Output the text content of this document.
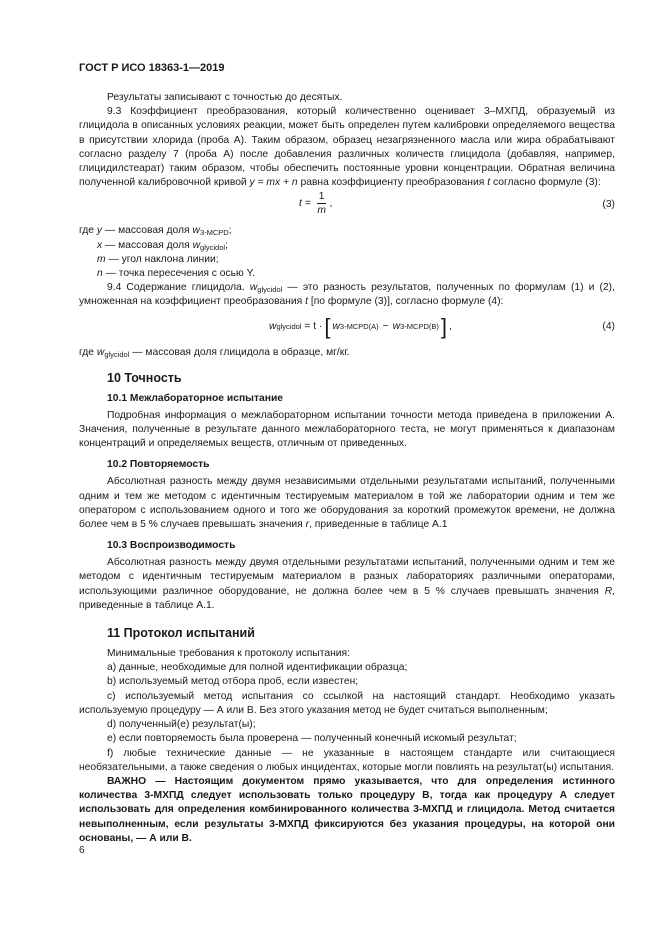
ГОСТ Р ИСО 18363-1—2019

Результаты записывают с точностью до десятых.

9.3 Коэффициент преобразования, который количественно оценивает 3–МХПД, образуемый из глицидола в описанных условиях реакции, может быть определен путем калибровки определяемого вещества в присутствии хлорида (проба А). Таким образом, образец незагрязненного масла или жира обрабатывают согласно разделу 7 (проба А) после добавления различных количеств глицидола (добавляя, например, глицидилстеарат) таким образом, чтобы обеспечить постоянные уровни концентрации. Обратная величина полученной калибровочной кривой y = mx + n равна коэффициенту преобразования t согласно формуле (3):

$t = \frac{1}{m}$ ,	(3)
где y — массовая доля $w_{3-MCPD}$;
x — массовая доля $w_{glycidol}$;
m — угол наклона линии;
n — точка пересечения с осью Y.

9.4 Содержание глицидола. $w_{glycidol}$ — это разность результатов, полученных по формулам (1) и (2), умноженная на коэффициент преобразования t [по формуле (3)], согласно формуле (4):

w glycidol = t · [ w 3-MCPD(A) − w 3-MCPD(B) ] ,	(4)

где $w_{glycidol}$ — массовая доля глицидола в образце, мг/кг.

10 Точность
10.1 Межлабораторное испытание

Подробная информация о межлабораторном испытании точности метода приведена в приложении А. Значения, полученные в результате данного межлабораторного теста, не могут применяться к диапазонам концентраций и определяемых веществ, отличным от приведенных.

10.2 Повторяемость

Абсолютная разность между двумя независимыми отдельными результатами испытаний, полученными одним и тем же методом с идентичным тестируемым материалом в той же лаборатории одним и тем же оператором с использованием одного и того же оборудования за короткий промежуток времени, не должна более чем в 5 % случаев превышать значения r, приведенные в таблице А.1

10.3 Воспроизводимость

Абсолютная разность между двумя отдельными результатами испытаний, полученными одним и тем же методом с идентичным тестируемым материалом в разных лабораториях различными операторами, использующими различное оборудование, не должна более чем в 5 % случаев превышать значения R, приведенные в таблице А.1.

11 Протокол испытаний

Минимальные требования к протоколу испытания:

a) данные, необходимые для полной идентификации образца;

b) используемый метод отбора проб, если известен;

c) используемый метод испытания со ссылкой на настоящий стандарт. Необходимо указать используемую процедуру — А или В. Без этого указания метод не будет считаться выполненным;

d) полученный(е) результат(ы);

e) если повторяемость была проверена — полученный конечный искомый результат;

f) любые технические данные — не указанные в настоящем стандарте или считающиеся необязательными, а также сведения о любых инцидентах, которые могли повлиять на результат(ы) испытания.

ВАЖНО — Настоящим документом прямо указывается, что для определения истинного количества 3-МХПД следует использовать только процедуру В, тогда как процедуру А следует использовать для определения комбинированного количества 3-МХПД и глицидола. Метод считается невыполненным, если результаты 3-МХПД фиксируются без указания процедуры, на которой они основаны, — А или В.

6
